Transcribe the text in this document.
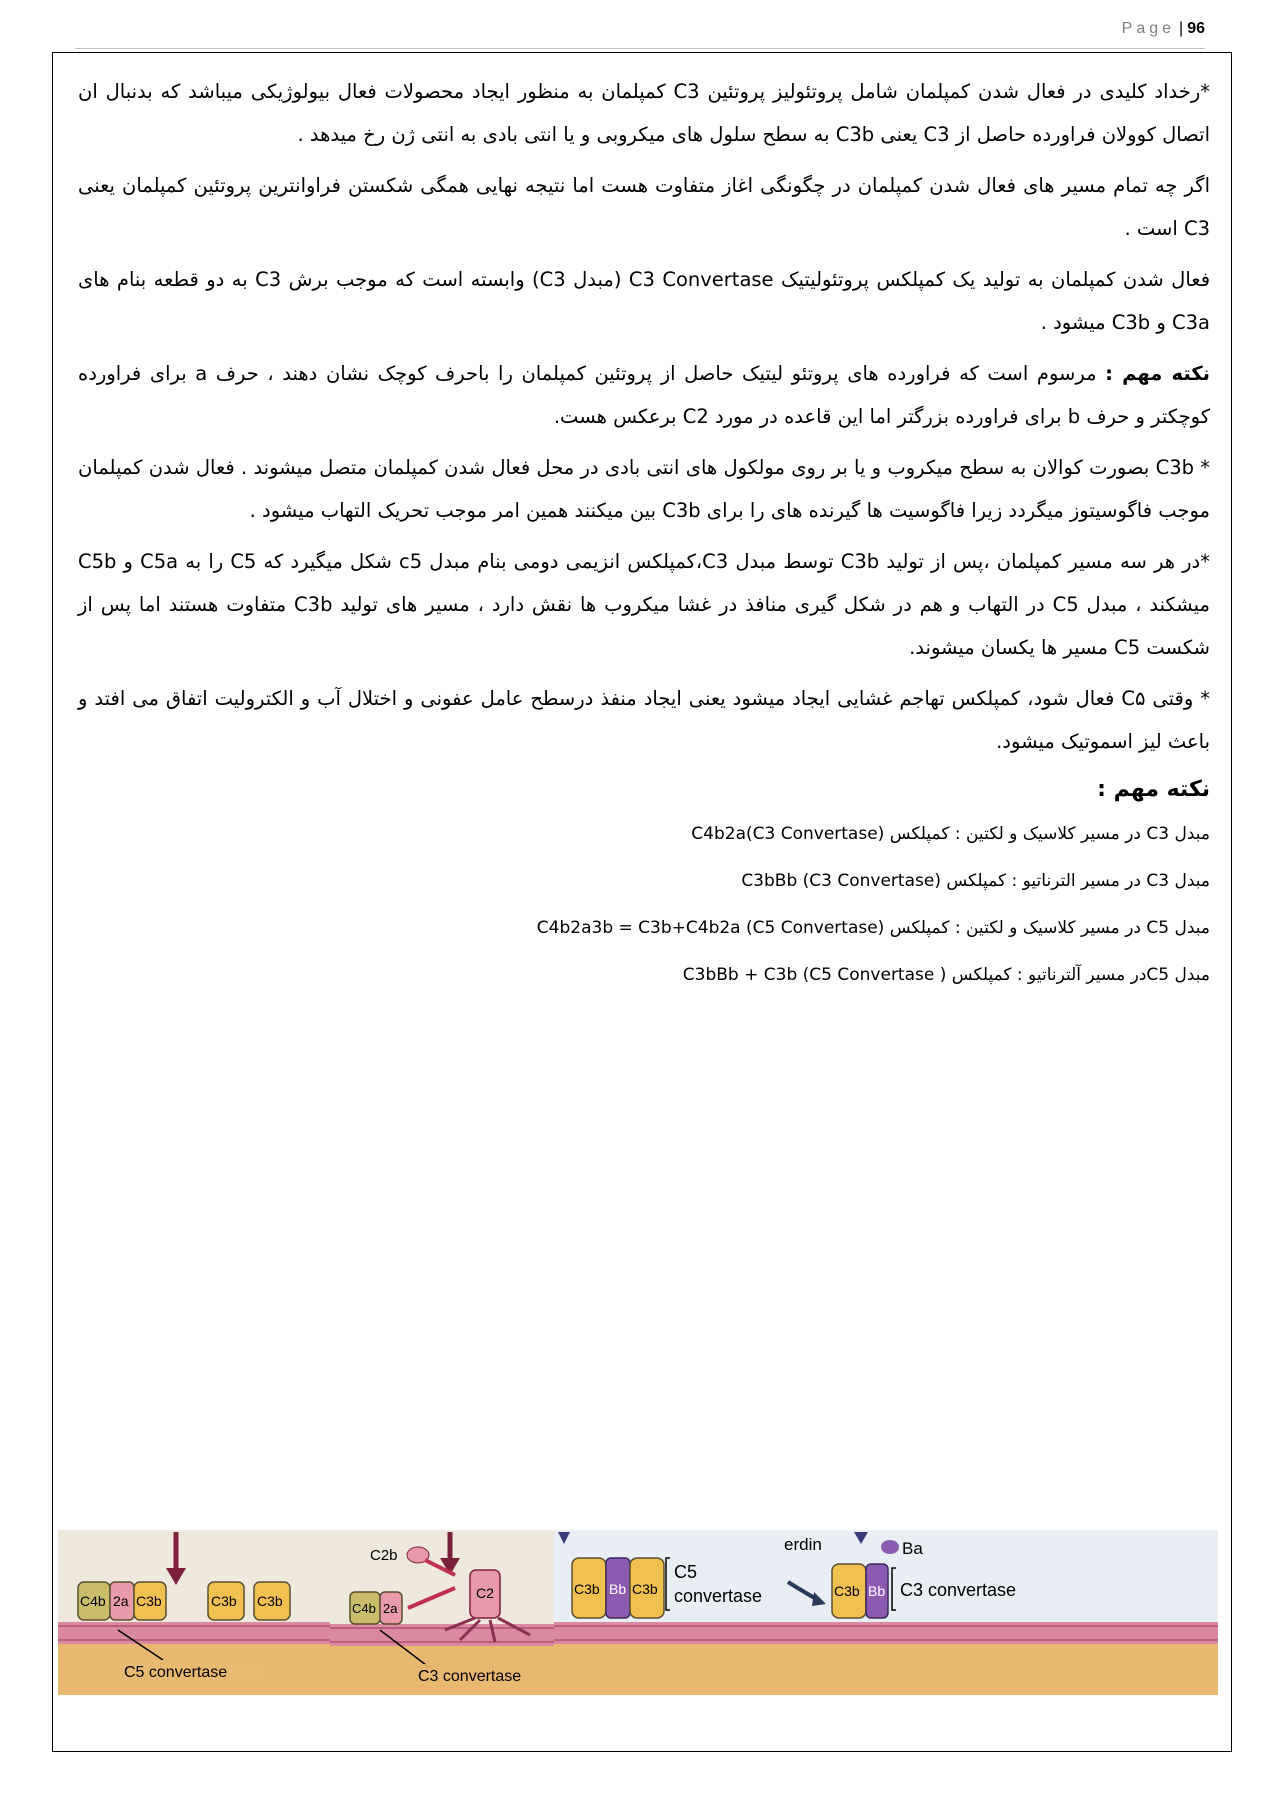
Page | 96

*رخداد کلیدی در فعال شدن کمپلمان شامل پروتئولیز پروتئین C3 کمپلمان به منظور ایجاد محصولات فعال بیولوژیکی میباشد که بدنبال ان اتصال کوولان فراورده حاصل از C3 یعنی C3b به سطح سلول های میکروبی و یا انتی بادی به انتی ژن رخ میدهد .

اگر چه تمام مسیر های فعال شدن کمپلمان در چگونگی اغاز متفاوت هست اما نتیجه نهایی همگی شکستن فراوانترین پروتئین کمپلمان یعنی C3 است .

فعال شدن کمپلمان به تولید یک کمپلکس پروتئولیتیک C3 Convertase (مبدل C3) وابسته است که موجب برش C3 به دو قطعه بنام های C3a و C3b میشود .

نکته مهم : مرسوم است که فراورده های پروتئو لیتیک حاصل از پروتئین کمپلمان را باحرف کوچک نشان دهند ، حرف a برای فراورده کوچکتر و حرف b برای فراورده بزرگتر اما این قاعده در مورد C2 برعکس هست.

* C3b بصورت کوالان به سطح میکروب و یا بر روی مولکول های انتی بادی در محل فعال شدن کمپلمان متصل میشوند . فعال شدن کمپلمان موجب فاگوسیتوز میگردد زیرا فاگوسیت ها گیرنده های را برای C3b بین میکنند همین امر موجب تحریک التهاب میشود .

*در هر سه مسیر کمپلمان ،پس از تولید C3b توسط مبدل C3،کمپلکس انزیمی دومی بنام مبدل c5 شکل میگیرد که C5 را به C5a و C5b میشکند ، مبدل C5 در التهاب و هم در شکل گیری منافذ در غشا میکروب ها نقش دارد ، مسیر های تولید C3b متفاوت هستند اما پس از شکست C5 مسیر ها یکسان میشوند.

* وقتی C۵ فعال شود، کمپلکس تهاجم غشایی ایجاد میشود یعنی ایجاد منفذ درسطح عامل عفونی و اختلال آب و الکترولیت اتفاق می افتد و باعث لیز اسموتیک میشود.

نکته مهم :
مبدل C3 در مسیر کلاسیک و لکتین : کمپلکس C4b2a(C3 Convertase)
مبدل C3 در مسیر الترناتیو : کمپلکس C3bBb (C3 Convertase)
مبدل C5 در مسیر کلاسیک و لکتین : کمپلکس C4b2a3b = C3b+C4b2a (C5 Convertase)
مبدل C5در مسیر آلترناتیو : کمپلکس C3bBb + C3b (C5 Convertase )
C4b 2a C3b	C3b C3b
C5 convertase
C2b
C2
C4b 2a
C3 convertase
C3b Bb C3b
C5
convertase
erdin	Ba
C3b Bb C3 convertase
